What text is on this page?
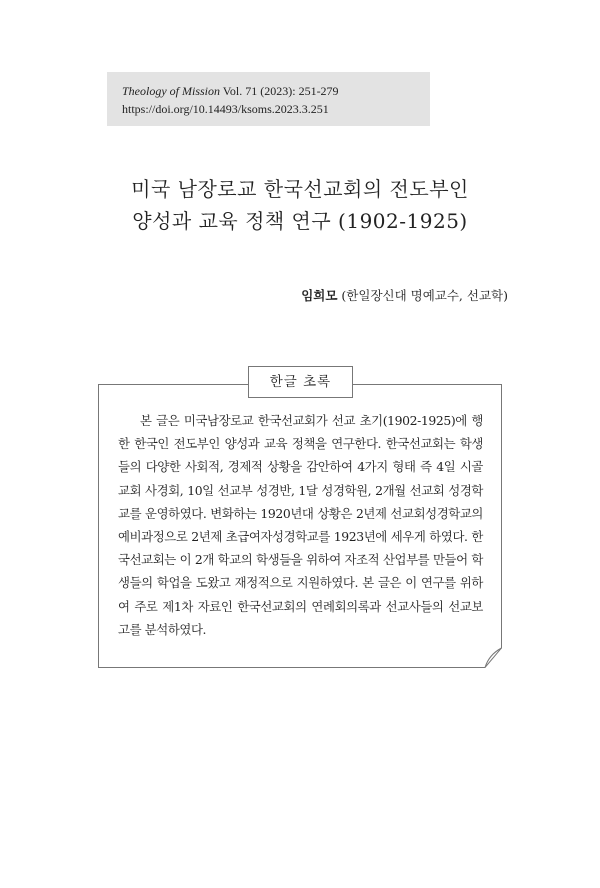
Theology of Mission Vol. 71 (2023): 251-279
https://doi.org/10.14493/ksoms.2023.3.251
미국 남장로교 한국선교회의 전도부인
양성과 교육 정책 연구 (1902-1925)
임희모 (한일장신대 명예교수, 선교학)
한글 초록

본 글은 미국남장로교 한국선교회가 선교 초기(1902-1925)에 행한 한국인 전도부인 양성과 교육 정책을 연구한다. 한국선교회는 학생들의 다양한 사회적, 경제적 상황을 감안하여 4가지 형태 즉 4일 시골교회 사경회, 10일 선교부 성경반, 1달 성경학원, 2개월 선교회 성경학교를 운영하였다. 변화하는 1920년대 상황은 2년제 선교회성경학교의 예비과정으로 2년제 초급여자성경학교를 1923년에 세우게 하였다. 한국선교회는 이 2개 학교의 학생들을 위하여 자조적 산업부를 만들어 학생들의 학업을 도왔고 재정적으로 지원하였다. 본 글은 이 연구를 위하여 주로 제1차 자료인 한국선교회의 연례회의록과 선교사들의 선교보고를 분석하였다.
